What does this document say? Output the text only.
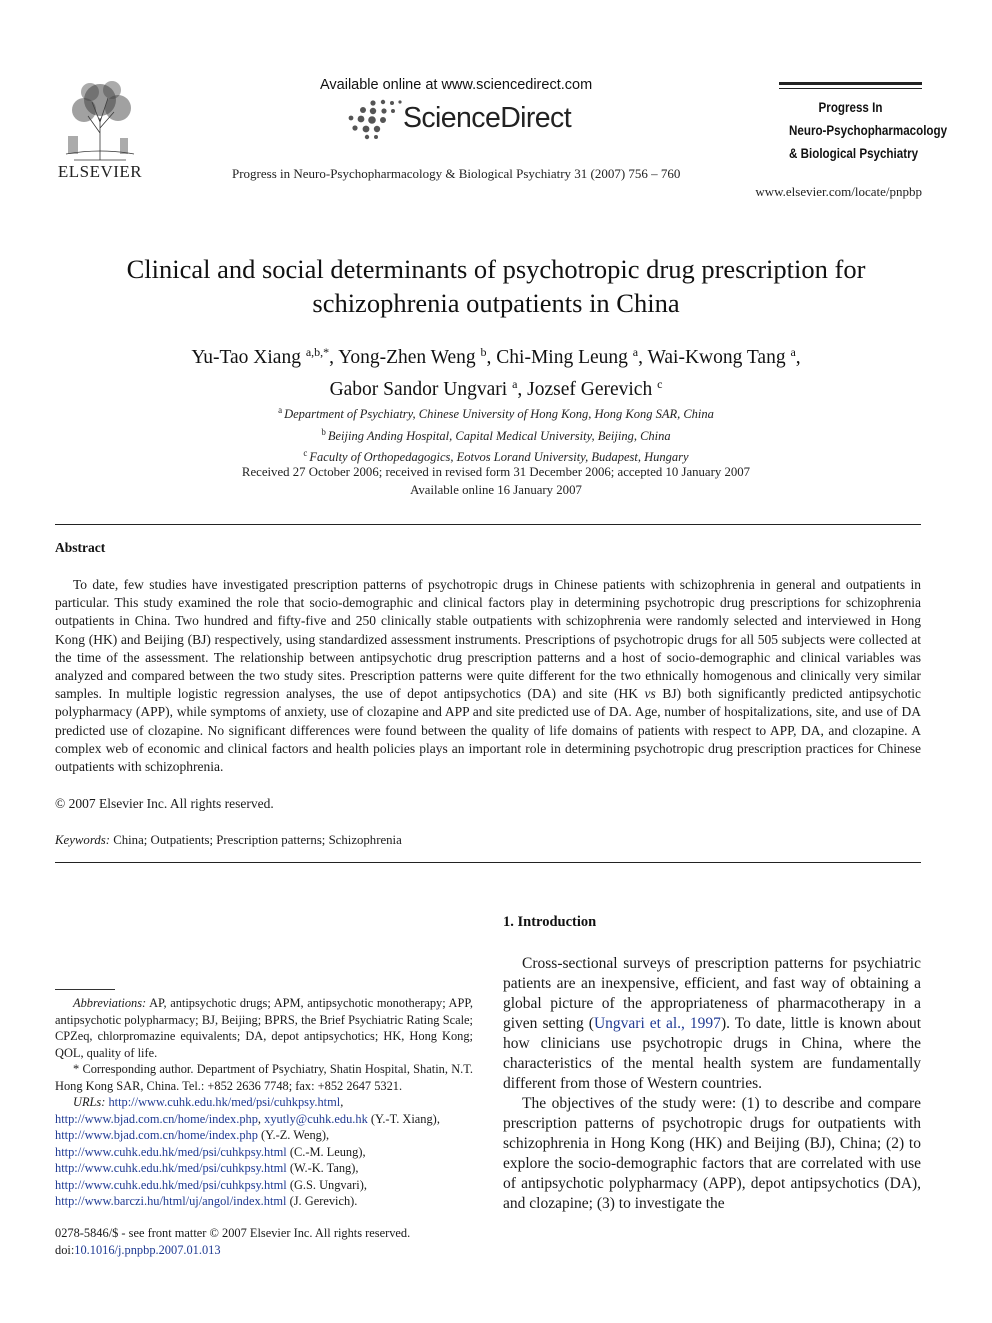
ELSEVIER
Available online at www.sciencedirect.com
ScienceDirect
Progress in Neuro-Psychopharmacology & Biological Psychiatry 31 (2007) 756 – 760
Progress In
Neuro-Psychopharmacology
& Biological Psychiatry
www.elsevier.com/locate/pnpbp
Clinical and social determinants of psychotropic drug prescription for schizophrenia outpatients in China
Yu-Tao Xiang $^{a,b,*}$, Yong-Zhen Weng $^b$, Chi-Ming Leung $^a$, Wai-Kwong Tang $^a$,
Gabor Sandor Ungvari $^a$, Jozsef Gerevich $^c$
$^a$ Department of Psychiatry, Chinese University of Hong Kong, Hong Kong SAR, China
$^b$ Beijing Anding Hospital, Capital Medical University, Beijing, China
$^c$ Faculty of Orthopedagogics, Eotvos Lorand University, Budapest, Hungary
Received 27 October 2006; received in revised form 31 December 2006; accepted 10 January 2007
Available online 16 January 2007
Abstract
To date, few studies have investigated prescription patterns of psychotropic drugs in Chinese patients with schizophrenia in general and outpatients in particular. This study examined the role that socio-demographic and clinical factors play in determining psychotropic drug prescriptions for schizophrenia outpatients in China. Two hundred and fifty-five and 250 clinically stable outpatients with schizophrenia were randomly selected and interviewed in Hong Kong (HK) and Beijing (BJ) respectively, using standardized assessment instruments. Prescriptions of psychotropic drugs for all 505 subjects were collected at the time of the assessment. The relationship between antipsychotic drug prescription patterns and a host of socio-demographic and clinical variables was analyzed and compared between the two study sites. Prescription patterns were quite different for the two ethnically homogenous and clinically very similar samples. In multiple logistic regression analyses, the use of depot antipsychotics (DA) and site (HK vs BJ) both significantly predicted antipsychotic polypharmacy (APP), while symptoms of anxiety, use of clozapine and APP and site predicted use of DA. Age, number of hospitalizations, site, and use of DA predicted use of clozapine. No significant differences were found between the quality of life domains of patients with respect to APP, DA, and clozapine. A complex web of economic and clinical factors and health policies plays an important role in determining psychotropic drug prescription practices for Chinese outpatients with schizophrenia.
© 2007 Elsevier Inc. All rights reserved.
Keywords: China; Outpatients; Prescription patterns; Schizophrenia

Abbreviations: AP, antipsychotic drugs; APM, antipsychotic monotherapy; APP, antipsychotic polypharmacy; BJ, Beijing; BPRS, the Brief Psychiatric Rating Scale; CPZeq, chlorpromazine equivalents; DA, depot antipsychotics; HK, Hong Kong; QOL, quality of life.

* Corresponding author. Department of Psychiatry, Shatin Hospital, Shatin, N.T. Hong Kong SAR, China. Tel.: +852 2636 7748; fax: +852 2647 5321.

URLs: http://www.cuhk.edu.hk/med/psi/cuhkpsy.html,

http://www.bjad.com.cn/home/index.php, xyutly@cuhk.edu.hk (Y.-T. Xiang),

http://www.bjad.com.cn/home/index.php (Y.-Z. Weng),

http://www.cuhk.edu.hk/med/psi/cuhkpsy.html (C.-M. Leung),

http://www.cuhk.edu.hk/med/psi/cuhkpsy.html (W.-K. Tang),

http://www.cuhk.edu.hk/med/psi/cuhkpsy.html (G.S. Ungvari),

http://www.barczi.hu/html/uj/angol/index.html (J. Gerevich).

0278-5846/$ - see front matter © 2007 Elsevier Inc. All rights reserved.
doi:10.1016/j.pnpbp.2007.01.013
1. Introduction

Cross-sectional surveys of prescription patterns for psychiatric patients are an inexpensive, efficient, and fast way of obtaining a global picture of the appropriateness of pharmacotherapy in a given setting (Ungvari et al., 1997). To date, little is known about how clinicians use psychotropic drugs in China, where the characteristics of the mental health system are fundamentally different from those of Western countries.

The objectives of the study were: (1) to describe and compare prescription patterns of psychotropic drugs for outpatients with schizophrenia in Hong Kong (HK) and Beijing (BJ), China; (2) to explore the socio-demographic factors that are correlated with use of antipsychotic polypharmacy (APP), depot antipsychotics (DA), and clozapine; (3) to investigate the
